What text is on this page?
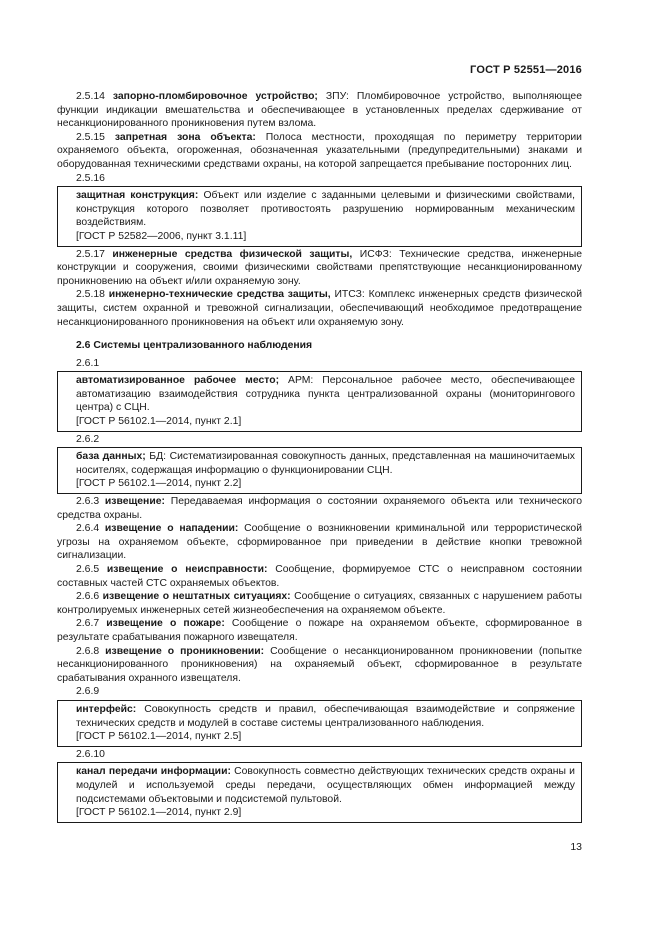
ГОСТ Р 52551—2016

2.5.14 запорно-пломбировочное устройство; ЗПУ: Пломбировочное устройство, выполняющее функции индикации вмешательства и обеспечивающее в установленных пределах сдерживание от несанкционированного проникновения путем взлома.

2.5.15 запретная зона объекта: Полоса местности, проходящая по периметру территории охраняемого объекта, огороженная, обозначенная указательными (предупредительными) знаками и оборудованная техническими средствами охраны, на которой запрещается пребывание посторонних лиц.

2.5.16

защитная конструкция: Объект или изделие с заданными целевыми и физическими свойствами, конструкция которого позволяет противостоять разрушению нормированным механическим воздействиям.

[ГОСТ Р 52582—2006, пункт 3.1.11]

2.5.17 инженерные средства физической защиты, ИСФЗ: Технические средства, инженерные конструкции и сооружения, своими физическими свойствами препятствующие несанкционированному проникновению на объект и/или охраняемую зону.

2.5.18 инженерно-технические средства защиты, ИТСЗ: Комплекс инженерных средств физической защиты, систем охранной и тревожной сигнализации, обеспечивающий необходимое предотвращение несанкционированного проникновения на объект или охраняемую зону.

2.6 Системы централизованного наблюдения

2.6.1

автоматизированное рабочее место; АРМ: Персональное рабочее место, обеспечивающее автоматизацию взаимодействия сотрудника пункта централизованной охраны (мониторингового центра) с СЦН.

[ГОСТ Р 56102.1—2014, пункт 2.1]

2.6.2

база данных; БД: Систематизированная совокупность данных, представленная на машиночитаемых носителях, содержащая информацию о функционировании СЦН.

[ГОСТ Р 56102.1—2014, пункт 2.2]

2.6.3 извещение: Передаваемая информация о состоянии охраняемого объекта или технического средства охраны.

2.6.4 извещение о нападении: Сообщение о возникновении криминальной или террористической угрозы на охраняемом объекте, сформированное при приведении в действие кнопки тревожной сигнализации.

2.6.5 извещение о неисправности: Сообщение, формируемое СТС о неисправном состоянии составных частей СТС охраняемых объектов.

2.6.6 извещение о нештатных ситуациях: Сообщение о ситуациях, связанных с нарушением работы контролируемых инженерных сетей жизнеобеспечения на охраняемом объекте.

2.6.7 извещение о пожаре: Сообщение о пожаре на охраняемом объекте, сформированное в результате срабатывания пожарного извещателя.

2.6.8 извещение о проникновении: Сообщение о несанкционированном проникновении (попытке несанкционированного проникновения) на охраняемый объект, сформированное в результате срабатывания охранного извещателя.

2.6.9

интерфейс: Совокупность средств и правил, обеспечивающая взаимодействие и сопряжение технических средств и модулей в составе системы централизованного наблюдения.

[ГОСТ Р 56102.1—2014, пункт 2.5]

2.6.10

канал передачи информации: Совокупность совместно действующих технических средств охраны и модулей и используемой среды передачи, осуществляющих обмен информацией между подсистемами объектовыми и подсистемой пультовой.

[ГОСТ Р 56102.1—2014, пункт 2.9]

13
